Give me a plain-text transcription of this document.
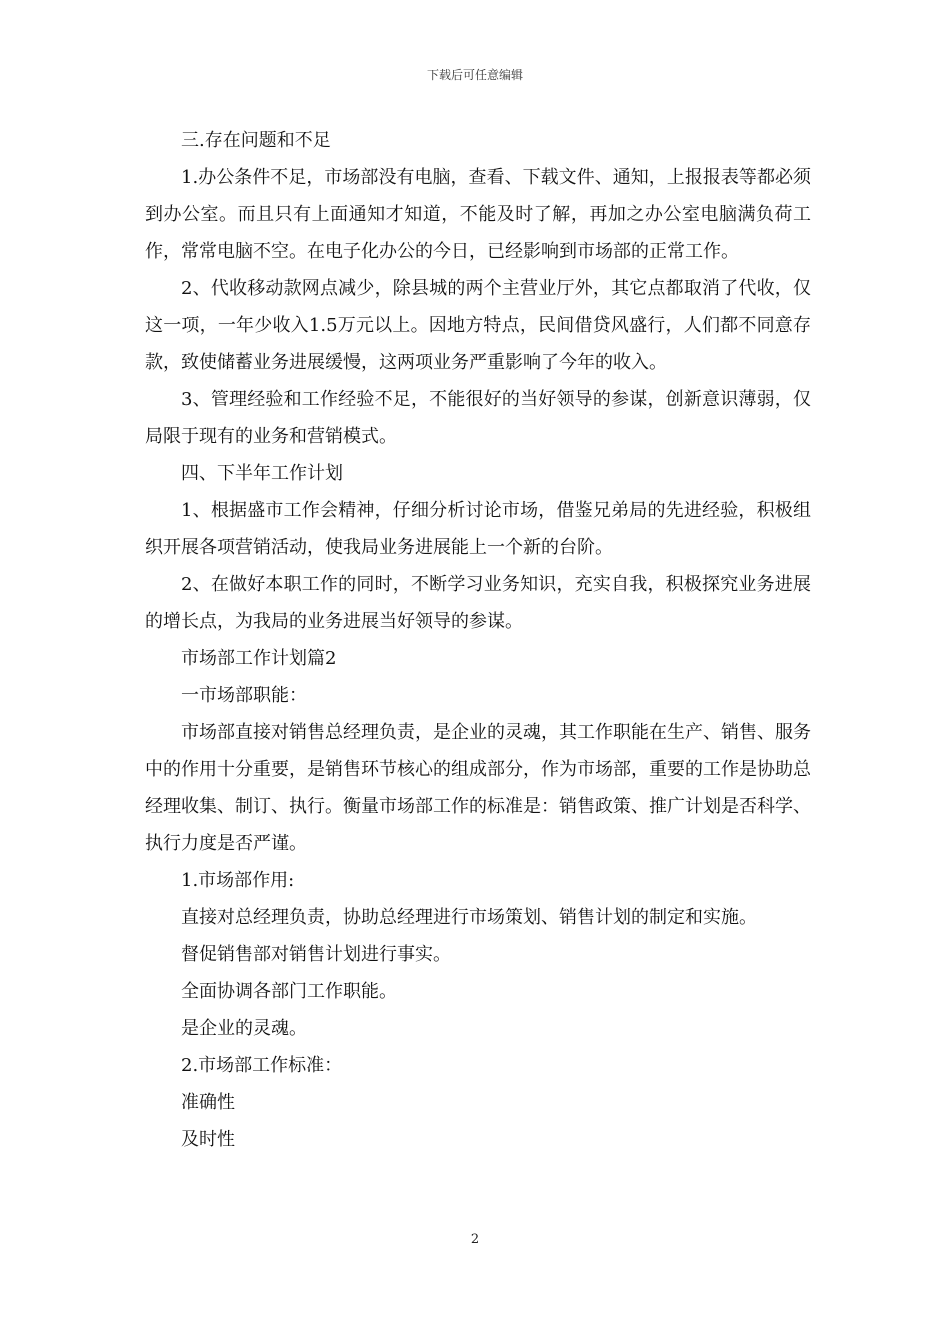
下载后可任意编辑

三.存在问题和不足

1.办公条件不足，市场部没有电脑，查看、下载文件、通知，上报报表等都必须到办公室。而且只有上面通知才知道，不能及时了解，再加之办公室电脑满负荷工作，常常电脑不空。在电子化办公的今日，已经影响到市场部的正常工作。

2、代收移动款网点减少，除县城的两个主营业厅外，其它点都取消了代收，仅这一项，一年少收入1.5万元以上。因地方特点，民间借贷风盛行，人们都不同意存款，致使储蓄业务进展缓慢，这两项业务严重影响了今年的收入。

3、管理经验和工作经验不足，不能很好的当好领导的参谋，创新意识薄弱，仅局限于现有的业务和营销模式。

四、下半年工作计划

1、根据盛市工作会精神，仔细分析讨论市场，借鉴兄弟局的先进经验，积极组织开展各项营销活动，使我局业务进展能上一个新的台阶。

2、在做好本职工作的同时，不断学习业务知识，充实自我，积极探究业务进展的增长点，为我局的业务进展当好领导的参谋。

市场部工作计划篇2

一市场部职能：

市场部直接对销售总经理负责，是企业的灵魂，其工作职能在生产、销售、服务中的作用十分重要，是销售环节核心的组成部分，作为市场部，重要的工作是协助总经理收集、制订、执行。衡量市场部工作的标准是：销售政策、推广计划是否科学、执行力度是否严谨。

1.市场部作用:

直接对总经理负责，协助总经理进行市场策划、销售计划的制定和实施。

督促销售部对销售计划进行事实。

全面协调各部门工作职能。

是企业的灵魂。

2.市场部工作标准：

准确性

及时性

2
